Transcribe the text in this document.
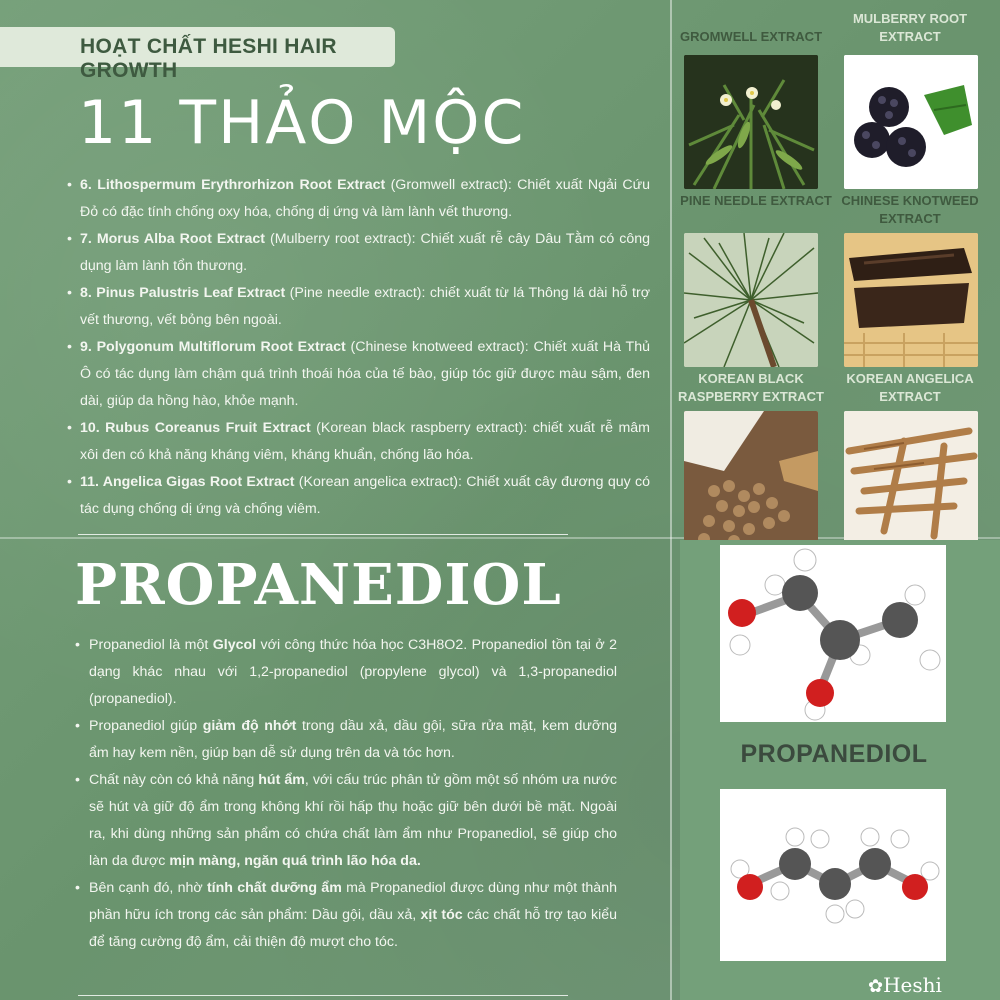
HOẠT CHẤT HESHI HAIR GROWTH
11 THẢO MỘC
• 6. Lithospermum Erythrorhizon Root Extract (Gromwell extract): Chiết xuất Ngải Cứu Đỏ có đặc tính chống oxy hóa, chống dị ứng và làm lành vết thương.
• 7. Morus Alba Root Extract (Mulberry root extract): Chiết xuất rễ cây Dâu Tằm có công dụng làm lành tổn thương.
• 8. Pinus Palustris Leaf Extract (Pine needle extract): chiết xuất từ lá Thông lá dài hỗ trợ vết thương, vết bỏng bên ngoài.
• 9. Polygonum Multiflorum Root Extract (Chinese knotweed extract): Chiết xuất Hà Thủ Ô có tác dụng làm chậm quá trình thoái hóa của tế bào, giúp tóc giữ được màu sậm, đen dài, giúp da hồng hào, khỏe mạnh.
• 10. Rubus Coreanus Fruit Extract (Korean black raspberry extract): chiết xuất rễ mâm xôi đen có khả năng kháng viêm, kháng khuẩn, chống lão hóa.
• 11. Angelica Gigas Root Extract (Korean angelica extract): Chiết xuất cây đương quy có tác dụng chống dị ứng và chống viêm.
GROMWELL EXTRACT
MULBERRY ROOT EXTRACT
PINE NEEDLE EXTRACT CHINESE KNOTWEED EXTRACT
KOREAN BLACK RASPBERRY EXTRACT
KOREAN ANGELICA EXTRACT
PROPANEDIOL
• Propanediol là một Glycol với công thức hóa học C3H8O2. Propanediol tồn tại ở 2 dạng khác nhau với 1,2-propanediol (propylene glycol) và 1,3-propanediol (propanediol).
• Propanediol giúp giảm độ nhớt trong dầu xả, dầu gội, sữa rửa mặt, kem dưỡng ẩm hay kem nền, giúp bạn dễ sử dụng trên da và tóc hơn.
• Chất này còn có khả năng hút ẩm, với cấu trúc phân tử gồm một số nhóm ưa nước sẽ hút và giữ độ ẩm trong không khí rồi hấp thụ hoặc giữ bên dưới bề mặt. Ngoài ra, khi dùng những sản phẩm có chứa chất làm ẩm như Propanediol, sẽ giúp cho làn da được mịn màng, ngăn quá trình lão hóa da.
• Bên cạnh đó, nhờ tính chất dưỡng ẩm mà Propanediol được dùng như một thành phần hữu ích trong các sản phẩm: Dầu gội, dầu xả, xịt tóc các chất hỗ trợ tạo kiểu để tăng cường độ ẩm, cải thiện độ mượt cho tóc.
PROPANEDIOL
✿Heshi
